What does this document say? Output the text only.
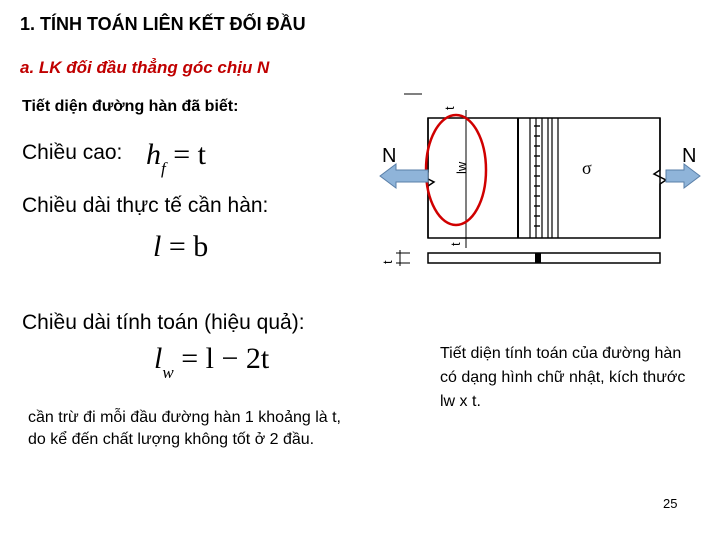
1. TÍNH TOÁN LIÊN KẾT ĐỐI ĐẦU
a. LK đối đầu thẳng góc chịu N
Tiết diện đường hàn đã biết:
Chiều cao: $h_f = t$
Chiều dài thực tế cần hàn:
l = b
Chiều dài tính toán (hiệu quả):
$l_w = l - 2t$
cần trừ đi mỗi đầu đường hàn 1 khoảng là t, do kể đến chất lượng không tốt ở 2 đầu.
Tiết diện tính toán của đường hàn có dạng hình chữ nhật, kích thước lw x t.
25
t
lw	σ
N	N
t
t
